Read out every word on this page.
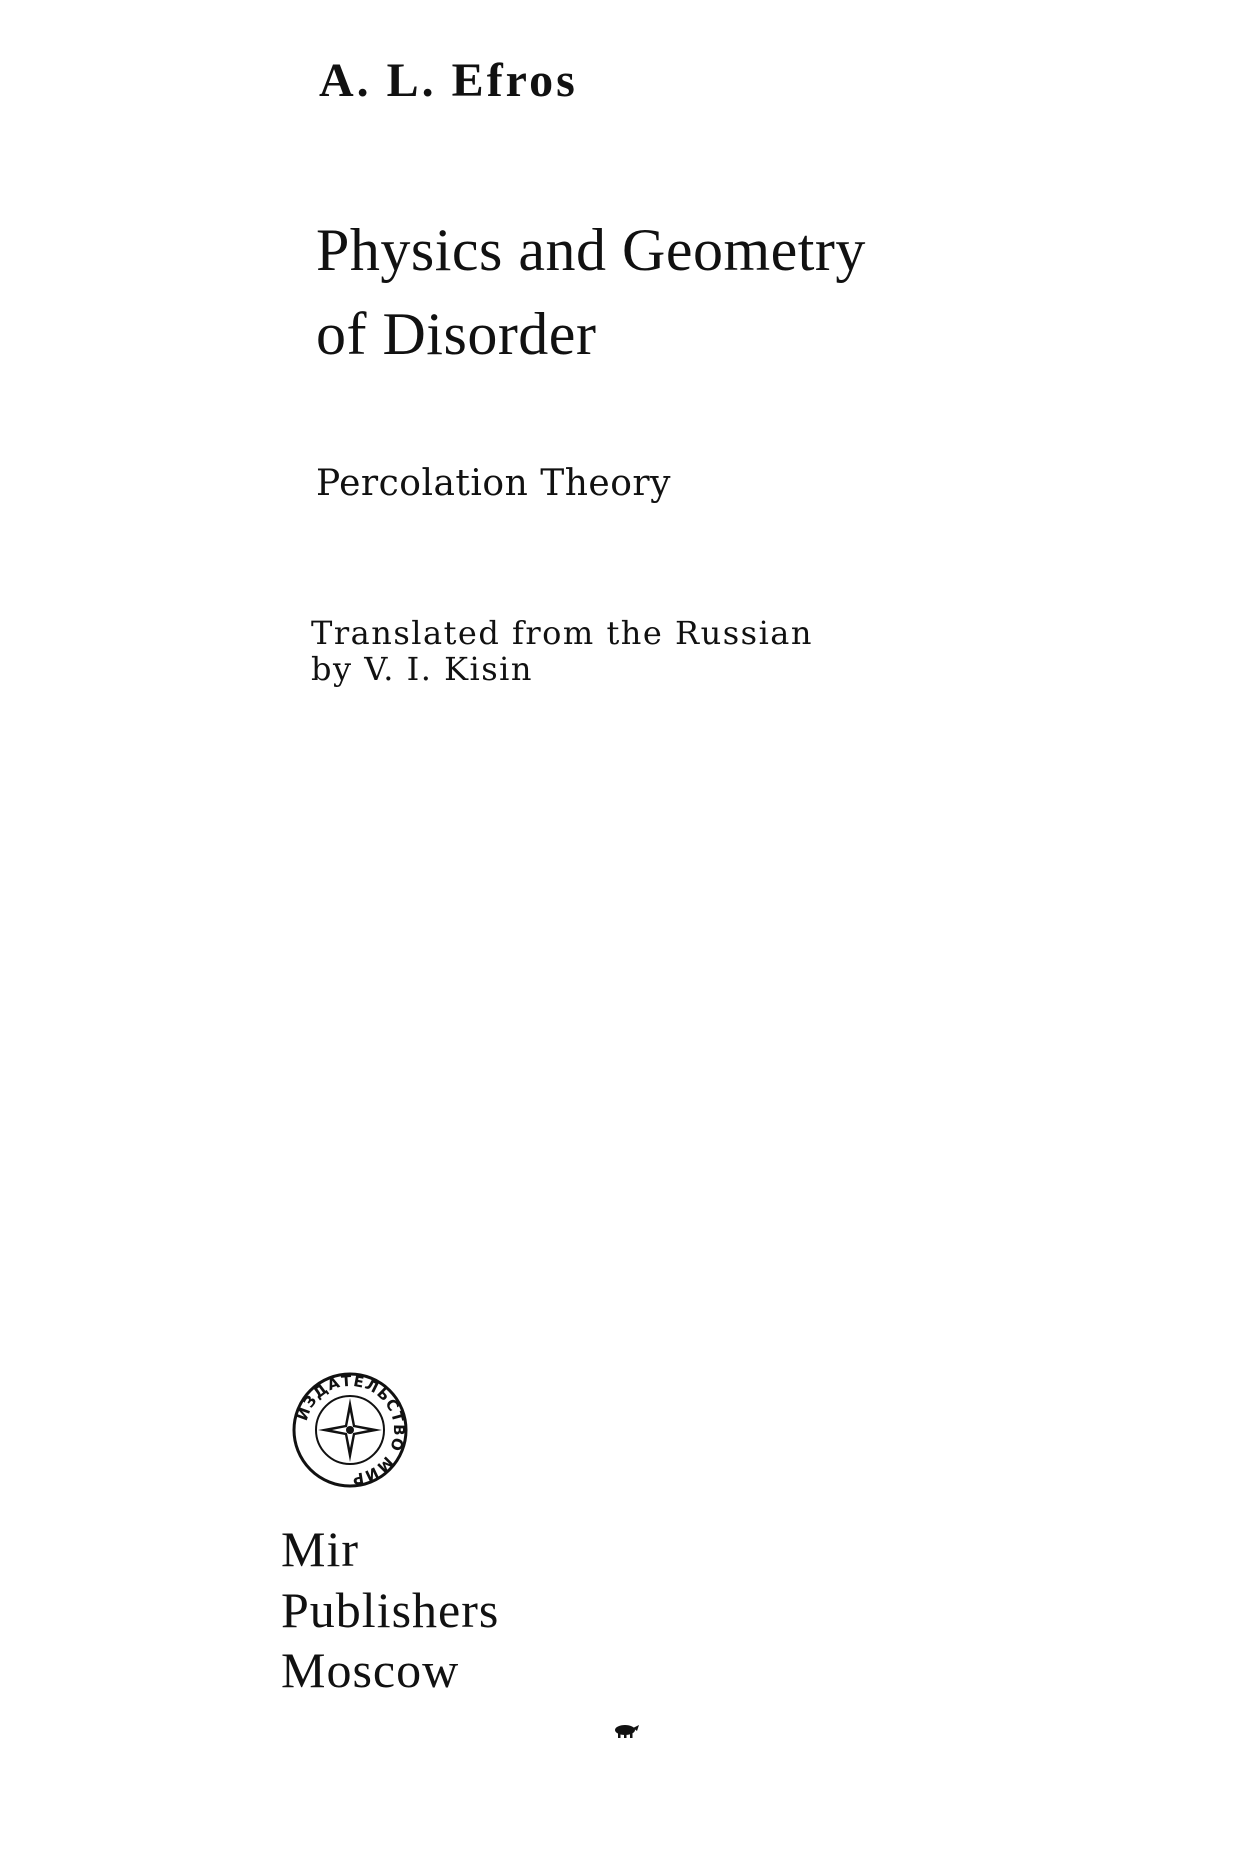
A. L. Efros
Physics and Geometry
of Disorder
Percolation Theory
Translated from the Russian
by V. I. Kisin
ИЗДАТЕЛЬСТВО МИР
Mir
Publishers
Moscow
